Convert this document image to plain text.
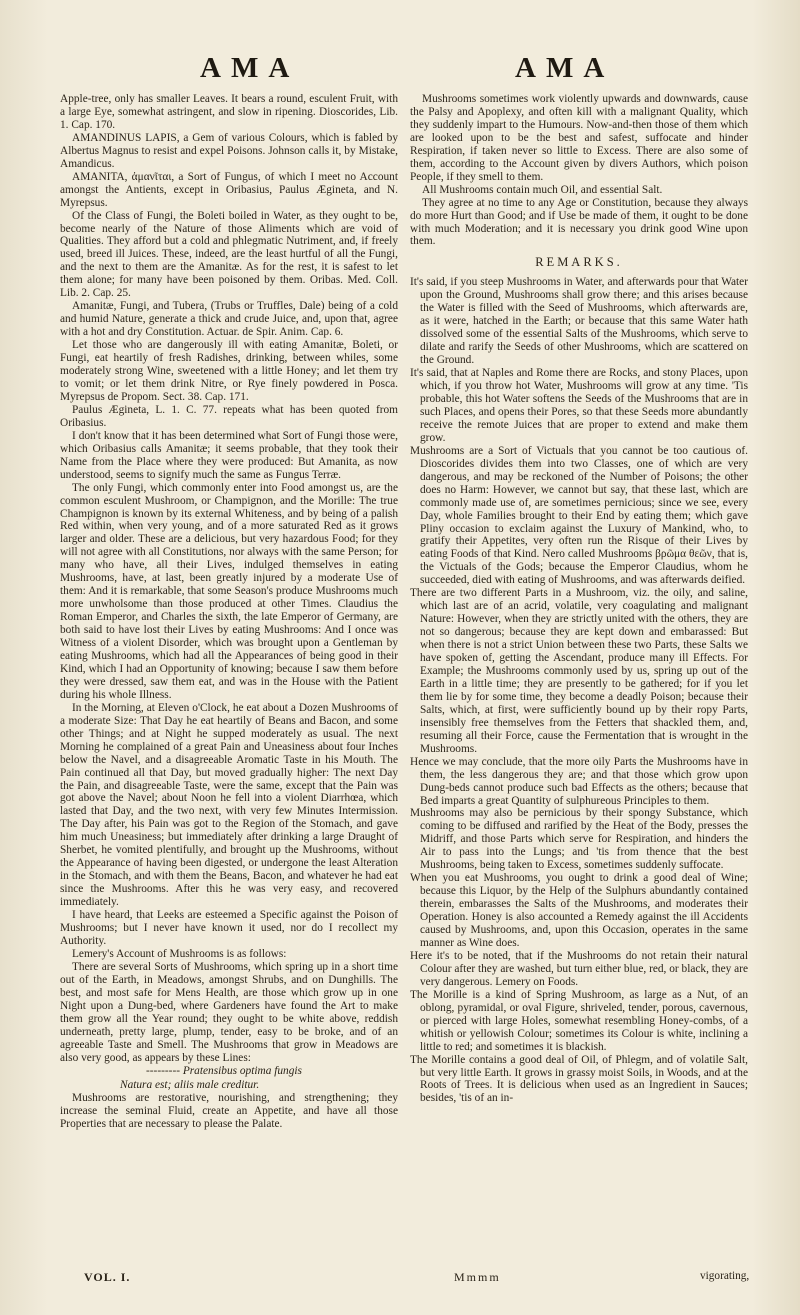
AMA	AMA

Apple-tree, only has smaller Leaves. It bears a round, esculent Fruit, with a large Eye, somewhat astringent, and slow in ripening. Dioscorides, Lib. 1. Cap. 170.

AMANDINUS LAPIS, a Gem of various Colours, which is fabled by Albertus Magnus to resist and expel Poisons. Johnson calls it, by Mistake, Amandicus.

AMANITA, ἀμανῖται, a Sort of Fungus, of which I meet no Account amongst the Antients, except in Oribasius, Paulus Ægineta, and N. Myrepsus.

Of the Class of Fungi, the Boleti boiled in Water, as they ought to be, become nearly of the Nature of those Aliments which are void of Qualities. They afford but a cold and phlegmatic Nutriment, and, if freely used, breed ill Juices. These, indeed, are the least hurtful of all the Fungi, and the next to them are the Amanitæ. As for the rest, it is safest to let them alone; for many have been poisoned by them. Oribas. Med. Coll. Lib. 2. Cap. 25.

Amanitæ, Fungi, and Tubera, (Trubs or Truffles, Dale) being of a cold and humid Nature, generate a thick and crude Juice, and, upon that, agree with a hot and dry Constitution. Actuar. de Spir. Anim. Cap. 6.

Let those who are dangerously ill with eating Amanitæ, Boleti, or Fungi, eat heartily of fresh Radishes, drinking, between whiles, some moderately strong Wine, sweetened with a little Honey; and let them try to vomit; or let them drink Nitre, or Rye finely powdered in Posca. Myrepsus de Propom. Sect. 38. Cap. 171.

Paulus Ægineta, L. 1. C. 77. repeats what has been quoted from Oribasius.

I don't know that it has been determined what Sort of Fungi those were, which Oribasius calls Amanitæ; it seems probable, that they took their Name from the Place where they were produced: But Amanita, as now understood, seems to signify much the same as Fungus Terræ.

The only Fungi, which commonly enter into Food amongst us, are the common esculent Mushroom, or Champignon, and the Morille: The true Champignon is known by its external Whiteness, and by being of a palish Red within, when very young, and of a more saturated Red as it grows larger and older. These are a delicious, but very hazardous Food; for they will not agree with all Constitutions, nor always with the same Person; for many who have, all their Lives, indulged themselves in eating Mushrooms, have, at last, been greatly injured by a moderate Use of them: And it is remarkable, that some Season's produce Mushrooms much more unwholsome than those produced at other Times. Claudius the Roman Emperor, and Charles the sixth, the late Emperor of Germany, are both said to have lost their Lives by eating Mushrooms: And I once was Witness of a violent Disorder, which was brought upon a Gentleman by eating Mushrooms, which had all the Appearances of being good in their Kind, which I had an Opportunity of knowing; because I saw them before they were dressed, saw them eat, and was in the House with the Patient during his whole Illness.

In the Morning, at Eleven o'Clock, he eat about a Dozen Mushrooms of a moderate Size: That Day he eat heartily of Beans and Bacon, and some other Things; and at Night he supped moderately as usual. The next Morning he complained of a great Pain and Uneasiness about four Inches below the Navel, and a disagreeable Aromatic Taste in his Mouth. The Pain continued all that Day, but moved gradually higher: The next Day the Pain, and disagreeable Taste, were the same, except that the Pain was got above the Navel; about Noon he fell into a violent Diarrhœa, which lasted that Day, and the two next, with very few Minutes Intermission. The Day after, his Pain was got to the Region of the Stomach, and gave him much Uneasiness; but immediately after drinking a large Draught of Sherbet, he vomited plentifully, and brought up the Mushrooms, without the Appearance of having been digested, or undergone the least Alteration in the Stomach, and with them the Beans, Bacon, and whatever he had eat since the Mushrooms. After this he was very easy, and recovered immediately.

I have heard, that Leeks are esteemed a Specific against the Poison of Mushrooms; but I never have known it used, nor do I recollect my Authority.

Lemery's Account of Mushrooms is as follows:

There are several Sorts of Mushrooms, which spring up in a short time out of the Earth, in Meadows, amongst Shrubs, and on Dunghills. The best, and most safe for Mens Health, are those which grow up in one Night upon a Dung-bed, where Gardeners have found the Art to make them grow all the Year round; they ought to be white above, reddish underneath, pretty large, plump, tender, easy to be broke, and of an agreeable Taste and Smell. The Mushrooms that grow in Meadows are also very good, as appears by these Lines:

--------- Pratensibus optima fungis

Natura est; aliis male creditur.

Mushrooms are restorative, nourishing, and strengthening; they increase the seminal Fluid, create an Appetite, and have all those Properties that are necessary to please the Palate.

Mushrooms sometimes work violently upwards and downwards, cause the Palsy and Apoplexy, and often kill with a malignant Quality, which they suddenly impart to the Humours. Now-and-then those of them which are looked upon to be the best and safest, suffocate and hinder Respiration, if taken never so little to Excess. There are also some of them, according to the Account given by divers Authors, which poison People, if they smell to them.

All Mushrooms contain much Oil, and essential Salt.

They agree at no time to any Age or Constitution, because they always do more Hurt than Good; and if Use be made of them, it ought to be done with much Moderation; and it is necessary you drink good Wine upon them.

REMARKS.

It's said, if you steep Mushrooms in Water, and afterwards pour that Water upon the Ground, Mushrooms shall grow there; and this arises because the Water is filled with the Seed of Mushrooms, which afterwards are, as it were, hatched in the Earth; or because that this same Water hath dissolved some of the essential Salts of the Mushrooms, which serve to dilate and rarify the Seeds of other Mushrooms, which are scattered on the Ground.

It's said, that at Naples and Rome there are Rocks, and stony Places, upon which, if you throw hot Water, Mushrooms will grow at any time. 'Tis probable, this hot Water softens the Seeds of the Mushrooms that are in such Places, and opens their Pores, so that these Seeds more abundantly receive the remote Juices that are proper to extend and make them grow.

Mushrooms are a Sort of Victuals that you cannot be too cautious of. Dioscorides divides them into two Classes, one of which are very dangerous, and may be reckoned of the Number of Poisons; the other does no Harm: However, we cannot but say, that these last, which are commonly made use of, are sometimes pernicious; since we see, every Day, whole Families brought to their End by eating them; which gave Pliny occasion to exclaim against the Luxury of Mankind, who, to gratify their Appetites, very often run the Risque of their Lives by eating Foods of that Kind. Nero called Mushrooms βρῶμα θεῶν, that is, the Victuals of the Gods; because the Emperor Claudius, whom he succeeded, died with eating of Mushrooms, and was afterwards deified.

There are two different Parts in a Mushroom, viz. the oily, and saline, which last are of an acrid, volatile, very coagulating and malignant Nature: However, when they are strictly united with the others, they are not so dangerous; because they are kept down and embarassed: But when there is not a strict Union between these two Parts, these Salts we have spoken of, getting the Ascendant, produce many ill Effects. For Example; the Mushrooms commonly used by us, spring up out of the Earth in a little time; they are presently to be gathered; for if you let them lie by for some time, they become a deadly Poison; because their Salts, which, at first, were sufficiently bound up by their ropy Parts, insensibly free themselves from the Fetters that shackled them, and, resuming all their Force, cause the Fermentation that is wrought in the Mushrooms.

Hence we may conclude, that the more oily Parts the Mushrooms have in them, the less dangerous they are; and that those which grow upon Dung-beds cannot produce such bad Effects as the others; because that Bed imparts a great Quantity of sulphureous Principles to them.

Mushrooms may also be pernicious by their spongy Substance, which coming to be diffused and rarified by the Heat of the Body, presses the Midriff, and those Parts which serve for Respiration, and hinders the Air to pass into the Lungs; and 'tis from thence that the best Mushrooms, being taken to Excess, sometimes suddenly suffocate.

When you eat Mushrooms, you ought to drink a good deal of Wine; because this Liquor, by the Help of the Sulphurs abundantly contained therein, embarasses the Salts of the Mushrooms, and moderates their Operation. Honey is also accounted a Remedy against the ill Accidents caused by Mushrooms, and, upon this Occasion, operates in the same manner as Wine does.

Here it's to be noted, that if the Mushrooms do not retain their natural Colour after they are washed, but turn either blue, red, or black, they are very dangerous. Lemery on Foods.

The Morille is a kind of Spring Mushroom, as large as a Nut, of an oblong, pyramidal, or oval Figure, shriveled, tender, porous, cavernous, or pierced with large Holes, somewhat resembling Honey-combs, of a whitish or yellowish Colour; sometimes its Colour is white, inclining a little to red; and sometimes it is blackish.

The Morille contains a good deal of Oil, of Phlegm, and of volatile Salt, but very little Earth. It grows in grassy moist Soils, in Woods, and at the Roots of Trees. It is delicious when used as an Ingredient in Sauces; besides, 'tis of an in-

VOL. I.	Mmmm	vigorating,
